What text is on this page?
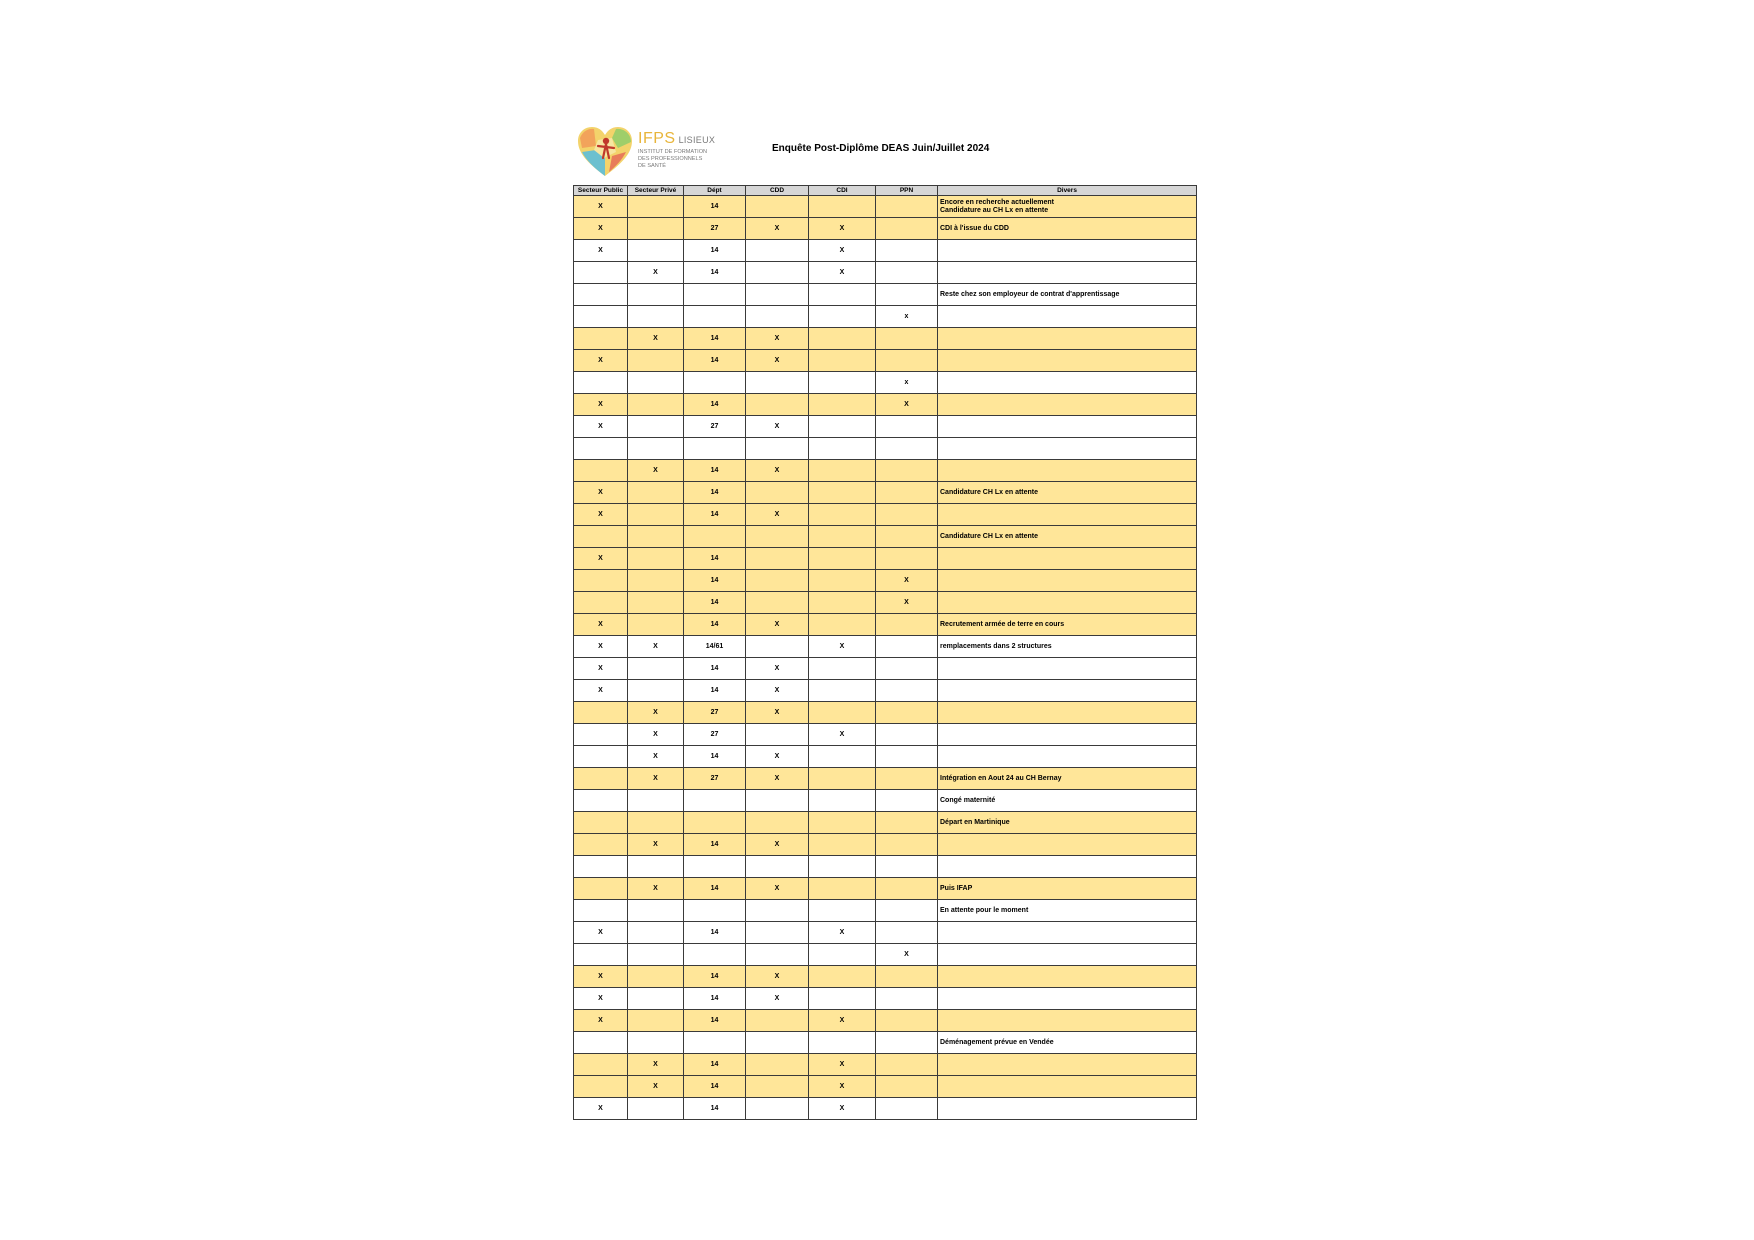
IFPS LISIEUX
INSTITUT DE FORMATION
DES PROFESSIONNELS
DE SANTÉ
Enquête Post-Diplôme DEAS Juin/Juillet 2024
Secteur Public	Secteur Privé	Dépt	CDD	CDI	PPN	Divers
X		14				Encore en recherche actuellement
Candidature au CH Lx en attente
X		27	X	X		CDI à l'issue du CDD
X		14		X		
	X	14		X		
						Reste chez son employeur de contrat d'apprentissage
					x	
	X	14	X			
X		14	X			
					x	
X		14			X	
X		27	X			

	X	14	X			
X		14				Candidature CH Lx en attente
X		14	X			
						Candidature CH Lx en attente
X		14				
		14			X	
		14			X	
X		14	X			Recrutement armée de terre en cours
X	X	14/61		X		remplacements dans 2 structures
X		14	X			
X		14	X			
	X	27	X			
	X	27		X		
	X	14	X			
	X	27	X			Intégration en Aout 24 au CH Bernay
						Congé maternité
						Départ en Martinique
	X	14	X			

	X	14	X			Puis IFAP
						En attente pour le moment
X		14		X		
					X	
X		14	X			
X		14	X			
X		14		X		
						Déménagement prévue en Vendée
	X	14		X		
	X	14		X		
X		14		X		
